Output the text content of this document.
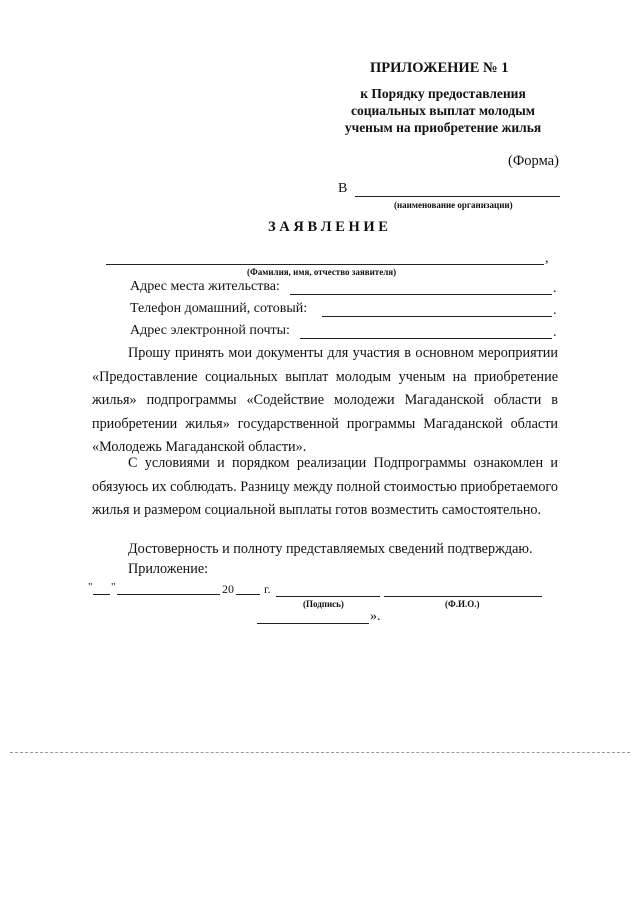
ПРИЛОЖЕНИЕ № 1
к Порядку предоставления
социальных выплат молодым
ученым на приобретение жилья
(Форма)
В
(наименование организации)
З А Я В Л Е Н И Е
,
(Фамилия, имя, отчество заявителя)
Адрес места жительства:	.
Телефон домашний, сотовый:	.
Адрес электронной почты:	.
Прошу принять мои документы для участия в основном мероприятии «Предоставление социальных выплат молодым ученым на приобретение жилья» подпрограммы «Содействие молодежи Магаданской области в приобретении жилья» государственной программы Магаданской области «Молодежь Магаданской области».
С условиями и порядком реализации Подпрограммы ознакомлен и обязуюсь их соблюдать. Разницу между полной стоимостью приобретаемого жилья и размером социальной выплаты готов возместить самостоятельно.
Достоверность и полноту представляемых сведений подтверждаю.
Приложение:
" "	20	г.
(Подпись)	(Ф.И.О.)
».
